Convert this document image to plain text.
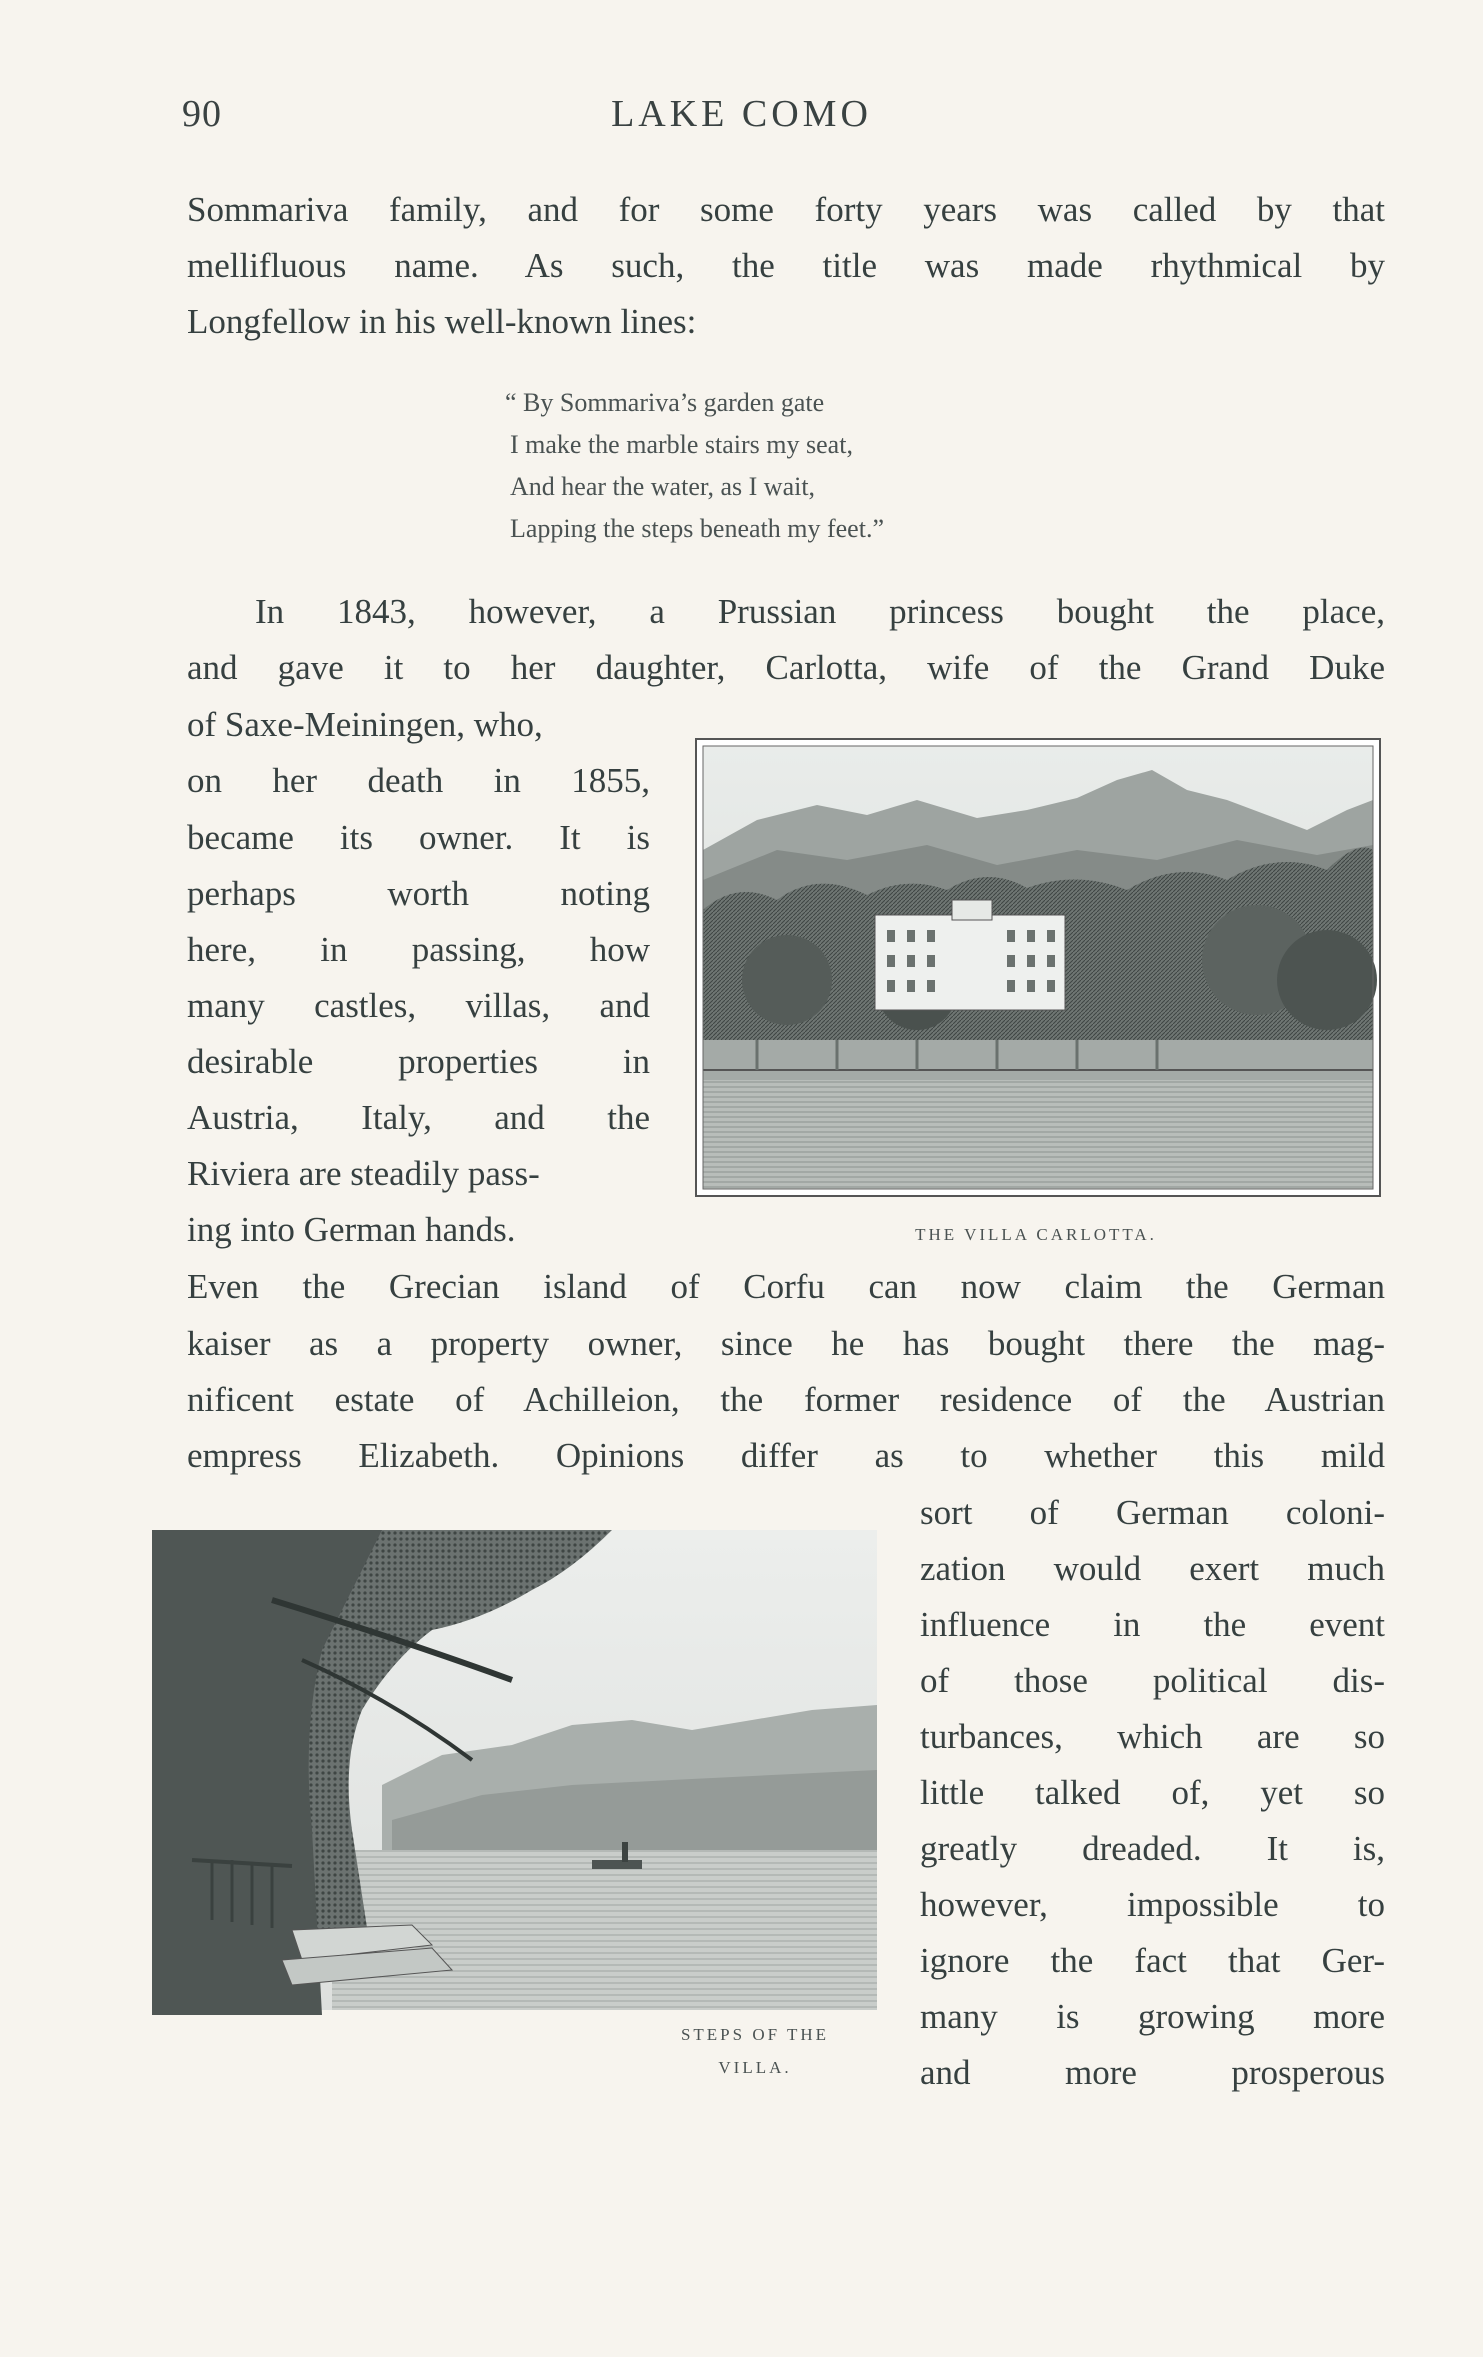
90	LAKE COMO
Sommariva family, and for some forty years was called by that
mellifluous name. As such, the title was made rhythmical by
Longfellow in his well-known lines:
“ By Sommariva’s garden gate
I make the marble stairs my seat,
And hear the water, as I wait,
Lapping the steps beneath my feet.”
In 1843, however, a Prussian princess bought the place,
and gave it to her daughter, Carlotta, wife of the Grand Duke
of Saxe-Meiningen, who,
on her death in 1855,
became its owner. It is
perhaps worth noting
here, in passing, how
many castles, villas, and
desirable properties in
Austria, Italy, and the
Riviera are steadily pass-
ing into German hands.	THE VILLA CARLOTTA.
Even the Grecian island of Corfu can now claim the German
kaiser as a property owner, since he has bought there the mag-
nificent estate of Achilleion, the former residence of the Austrian
empress Elizabeth. Opinions differ as to whether this mild
STEPS OF THE
VILLA.
sort of German coloni-
zation would exert much
influence in the event
of those political dis-
turbances, which are so
little talked of, yet so
greatly dreaded. It is,
however, impossible to
ignore the fact that Ger-
many is growing more
and more prosperous
